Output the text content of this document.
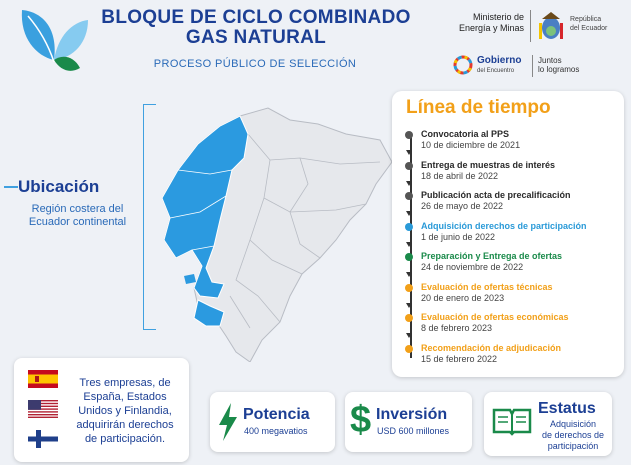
BLOQUE DE CICLO COMBINADO
GAS NATURAL
PROCESO PÚBLICO DE SELECCIÓN
Ministerio de
Energía y Minas
República
del Ecuador
Gobierno
del Encuentro
Juntos
lo logramos
Ubicación
Región costera del
Ecuador continental
Línea de tiempo
Convocatoria al PPS
10 de diciembre de 2021
Entrega de muestras de interés
18 de abril de 2022
Publicación acta de precalificación
26 de mayo de 2022
Adquisición derechos de participación
1 de junio de 2022
Preparación y Entrega de ofertas
24 de noviembre de 2022
Evaluación de ofertas técnicas
20 de enero de 2023
Evaluación de ofertas económicas
8 de febrero 2023
Recomendación de adjudicación
15 de febrero 2022
Tres empresas, de
España, Estados
Unidos y Finlandia,
adquirirán derechos
de participación.
Potencia
400 megavatios $ Inversión
USD 600 millones
Estatus
Adquisición
de derechos de
participación
